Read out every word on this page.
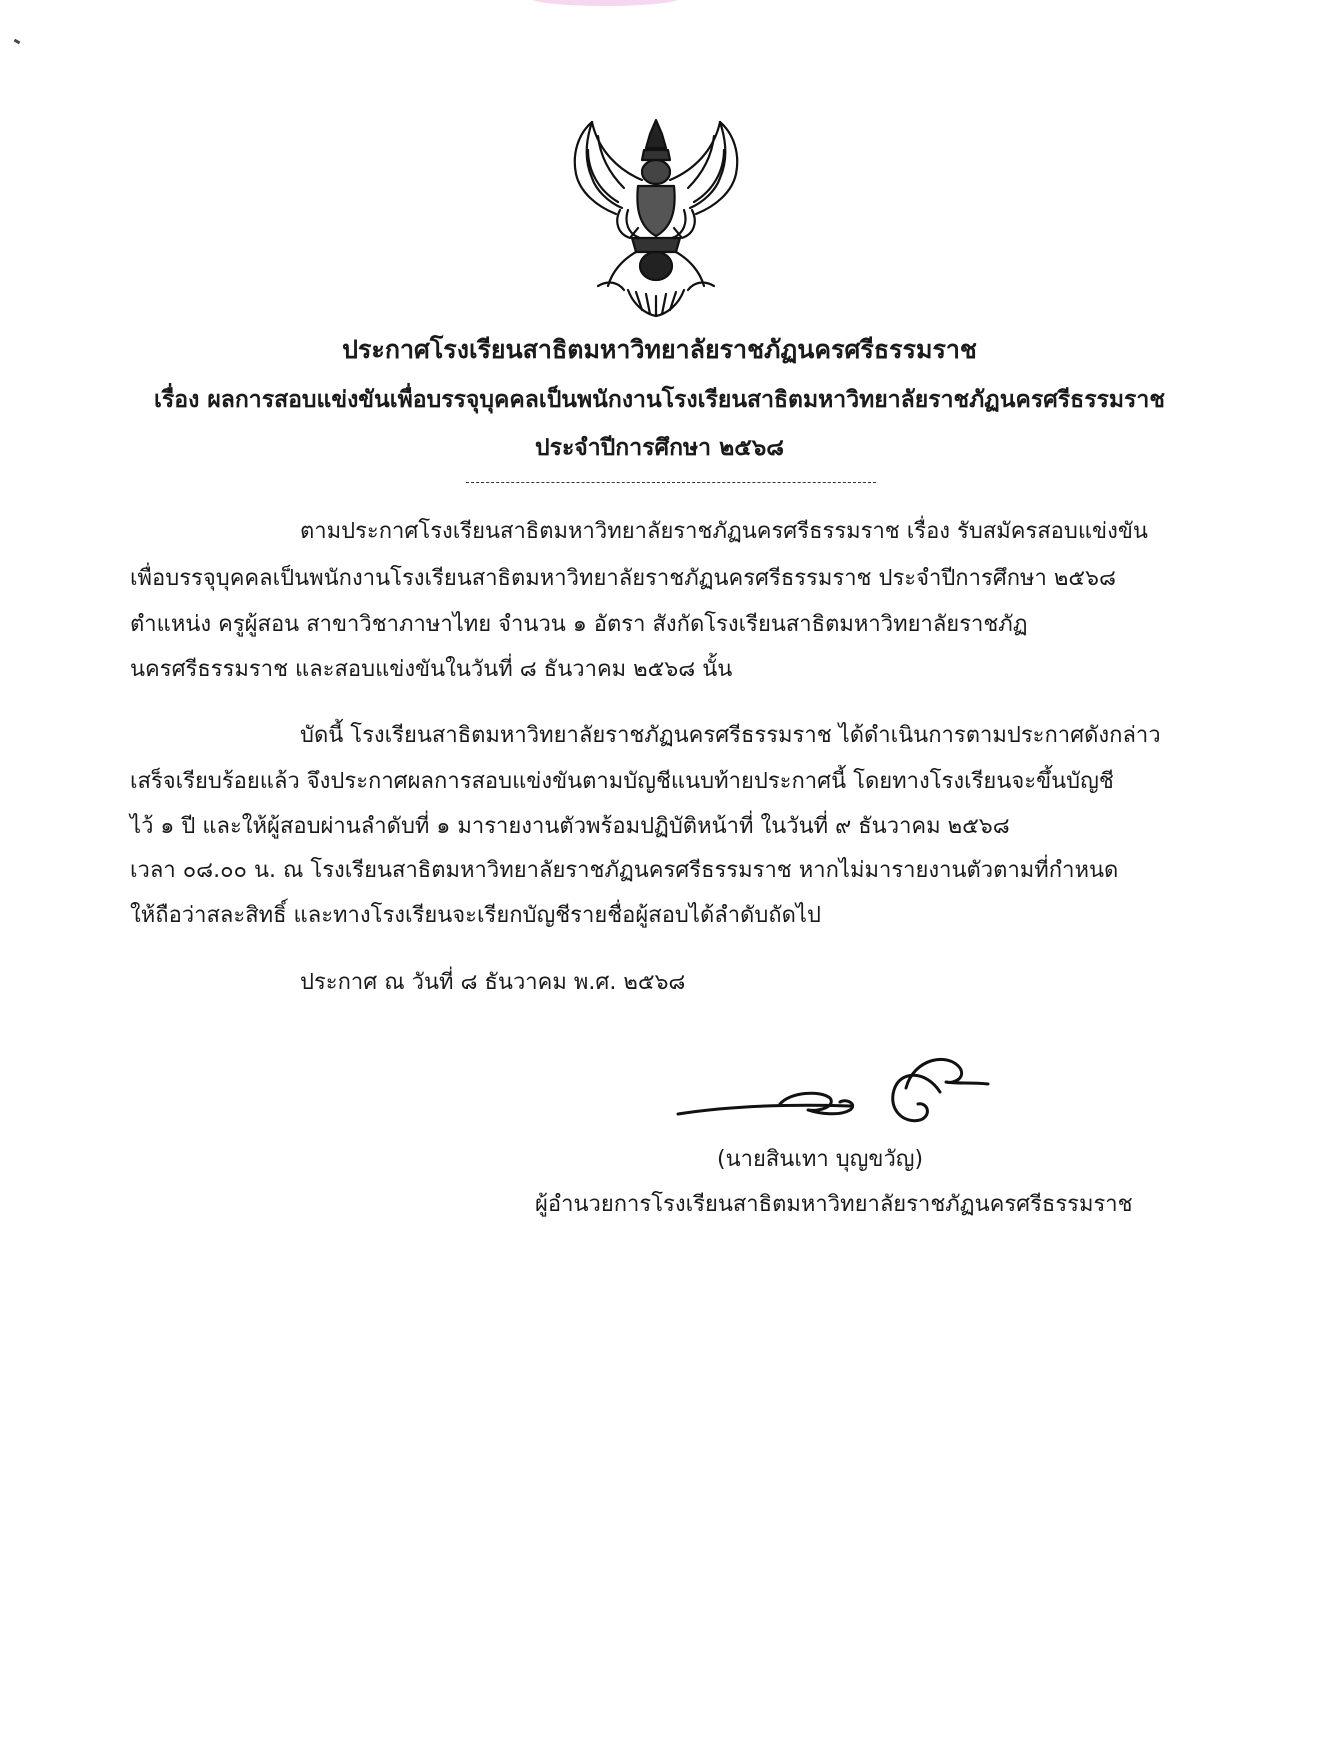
ประกาศโรงเรียนสาธิตมหาวิทยาลัยราชภัฏนครศรีธรรมราช
เรื่อง ผลการสอบแข่งขันเพื่อบรรจุบุคคลเป็นพนักงานโรงเรียนสาธิตมหาวิทยาลัยราชภัฏนครศรีธรรมราช
ประจำปีการศึกษา ๒๕๖๘
ตามประกาศโรงเรียนสาธิตมหาวิทยาลัยราชภัฏนครศรีธรรมราช เรื่อง รับสมัครสอบแข่งขัน
เพื่อบรรจุบุคคลเป็นพนักงานโรงเรียนสาธิตมหาวิทยาลัยราชภัฏนครศรีธรรมราช ประจำปีการศึกษา ๒๕๖๘
ตำแหน่ง ครูผู้สอน สาขาวิชาภาษาไทย จำนวน ๑ อัตรา สังกัดโรงเรียนสาธิตมหาวิทยาลัยราชภัฏ
นครศรีธรรมราช และสอบแข่งขันในวันที่ ๘ ธันวาคม ๒๕๖๘ นั้น
บัดนี้ โรงเรียนสาธิตมหาวิทยาลัยราชภัฏนครศรีธรรมราช ได้ดำเนินการตามประกาศดังกล่าว
เสร็จเรียบร้อยแล้ว จึงประกาศผลการสอบแข่งขันตามบัญชีแนบท้ายประกาศนี้ โดยทางโรงเรียนจะขึ้นบัญชี
ไว้ ๑ ปี และให้ผู้สอบผ่านลำดับที่ ๑ มารายงานตัวพร้อมปฏิบัติหน้าที่ ในวันที่ ๙ ธันวาคม ๒๕๖๘
เวลา ๐๘.๐๐ น. ณ โรงเรียนสาธิตมหาวิทยาลัยราชภัฏนครศรีธรรมราช หากไม่มารายงานตัวตามที่กำหนด
ให้ถือว่าสละสิทธิ์ และทางโรงเรียนจะเรียกบัญชีรายชื่อผู้สอบได้ลำดับถัดไป
ประกาศ ณ วันที่ ๘ ธันวาคม พ.ศ. ๒๕๖๘
(นายสินเทา บุญขวัญ)
ผู้อำนวยการโรงเรียนสาธิตมหาวิทยาลัยราชภัฏนครศรีธรรมราช
